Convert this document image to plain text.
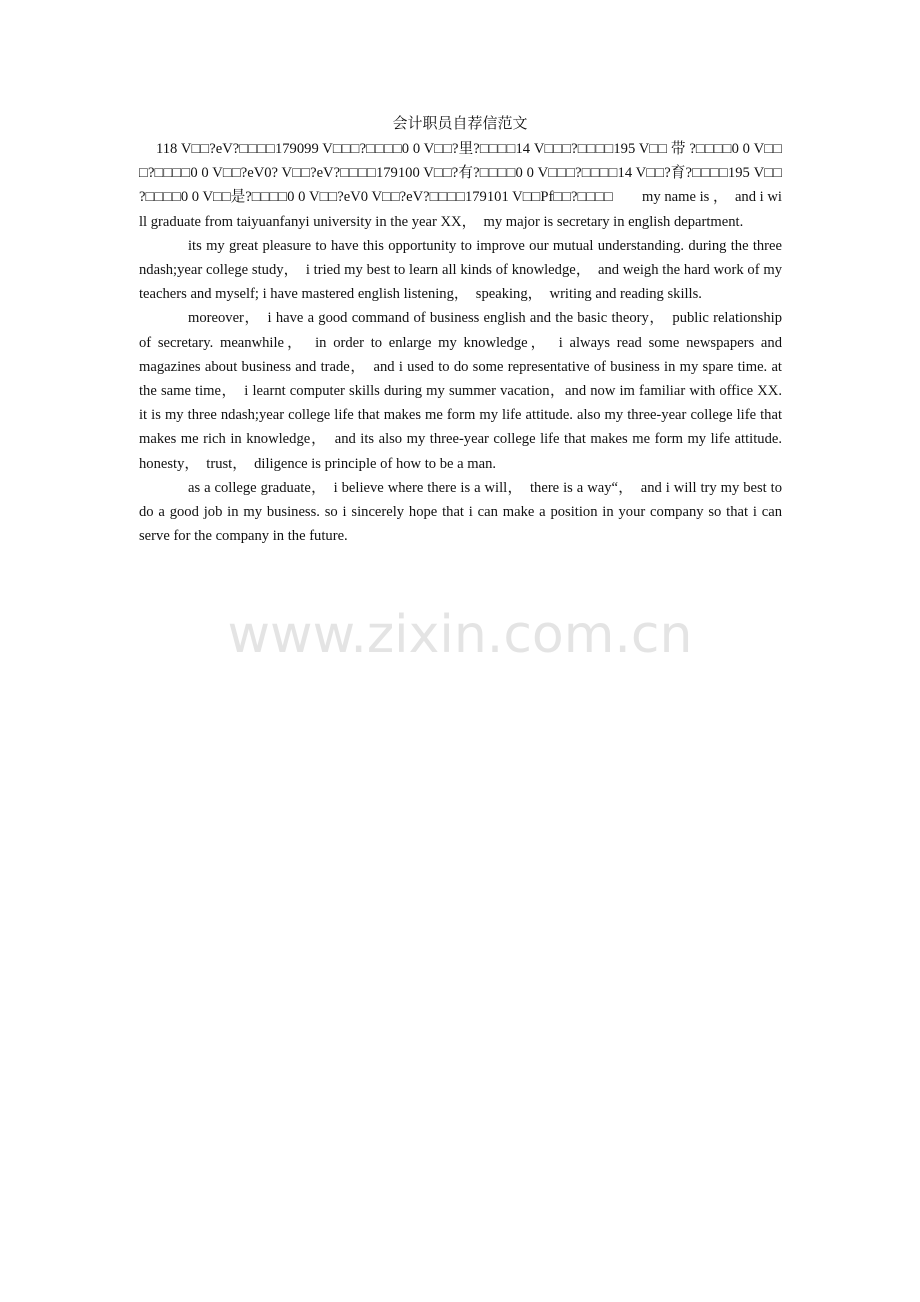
会计职员自荐信范文

118 V□□?eV?□□□□179099 V□□□?□□□□0 0 V□□?里?□□□□14 V□□□?□□□□195 V□□ 带 ?□□□□0 0 V□□□?□□□□0 0 V□□?eV0? V□□?eV?□□□□179100 V□□?有?□□□□0 0 V□□□?□□□□14 V□□?育?□□□□195 V□□ ?□□□□0 0 V□□是?□□□□0 0 V□□?eV0 V□□?eV?□□□□179101 V□□Pf□□?□□□□　　my name is ，　and i will graduate from taiyuanfanyi university in the year XX，　my major is secretary in english department.

its my great pleasure to have this opportunity to improve our mutual understanding. during the three ndash;year college study，　i tried my best to learn all kinds of knowledge，　and weigh the hard work of my teachers and myself; i have mastered english listening，　speaking，　writing and reading skills.

moreover，　i have a good command of business english and the basic theory，　public relationship of secretary. meanwhile，　in order to enlarge my knowledge，　i always read some newspapers and magazines about business and trade，　and i used to do some representative of business in my spare time. at the same time，　i learnt computer skills during my summer vacation，and now im familiar with office XX. it is my three ndash;year college life that makes me form my life attitude. also my three-year college life that makes me rich in knowledge，　and its also my three-year college life that makes me form my life attitude. honesty，　trust，　diligence is principle of how to be a man.

as a college graduate，　i believe where there is a will，　there is a way“，　and i will try my best to do a good job in my business. so i sincerely hope that i can make a position in your company so that i can serve for the company in the future.

www.zixin.com.cn
